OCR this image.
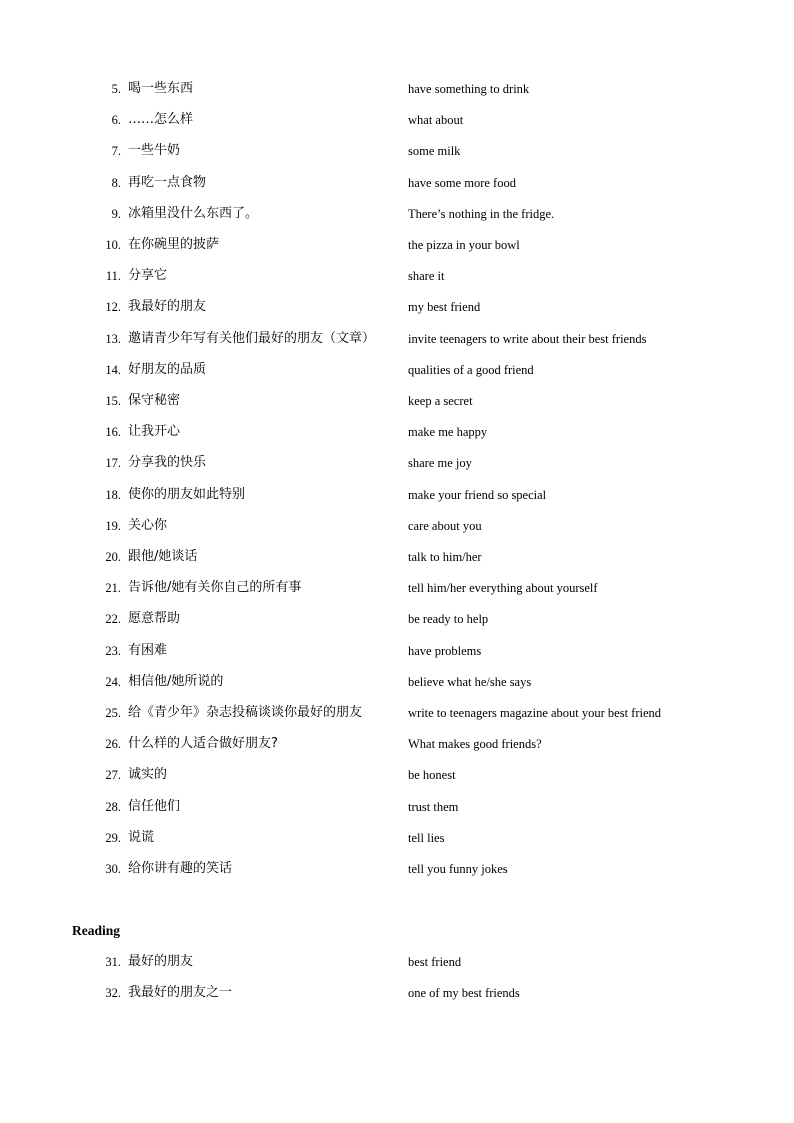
5. 喝一些东西	have something to drink
6. ……怎么样	what about
7. 一些牛奶	some milk
8. 再吃一点食物	have some more food
9. 冰箱里没什么东西了。	There’s nothing in the fridge.
10. 在你碗里的披萨	the pizza in your bowl
11. 分享它	share it
12. 我最好的朋友	my best friend
13. 邀请青少年写有关他们最好的朋友（文章）	invite teenagers to write about their best friends
14. 好朋友的品质	qualities of a good friend
15. 保守秘密	keep a secret
16. 让我开心	make me happy
17. 分享我的快乐	share me joy
18. 使你的朋友如此特别	make your friend so special
19. 关心你	care about you
20. 跟他/她谈话	talk to him/her
21. 告诉他/她有关你自己的所有事	tell him/her everything about yourself
22. 愿意帮助	be ready to help
23. 有困难	have problems
24. 相信他/她所说的	believe what he/she says
25. 给《青少年》杂志投稿谈谈你最好的朋友	write to teenagers magazine about your best friend
26. 什么样的人适合做好朋友?	What makes good friends?
27. 诚实的	be honest
28. 信任他们	trust them
29. 说谎	tell lies
30. 给你讲有趣的笑话	tell you funny jokes
Reading
31. 最好的朋友	best friend
32. 我最好的朋友之一	one of my best friends
